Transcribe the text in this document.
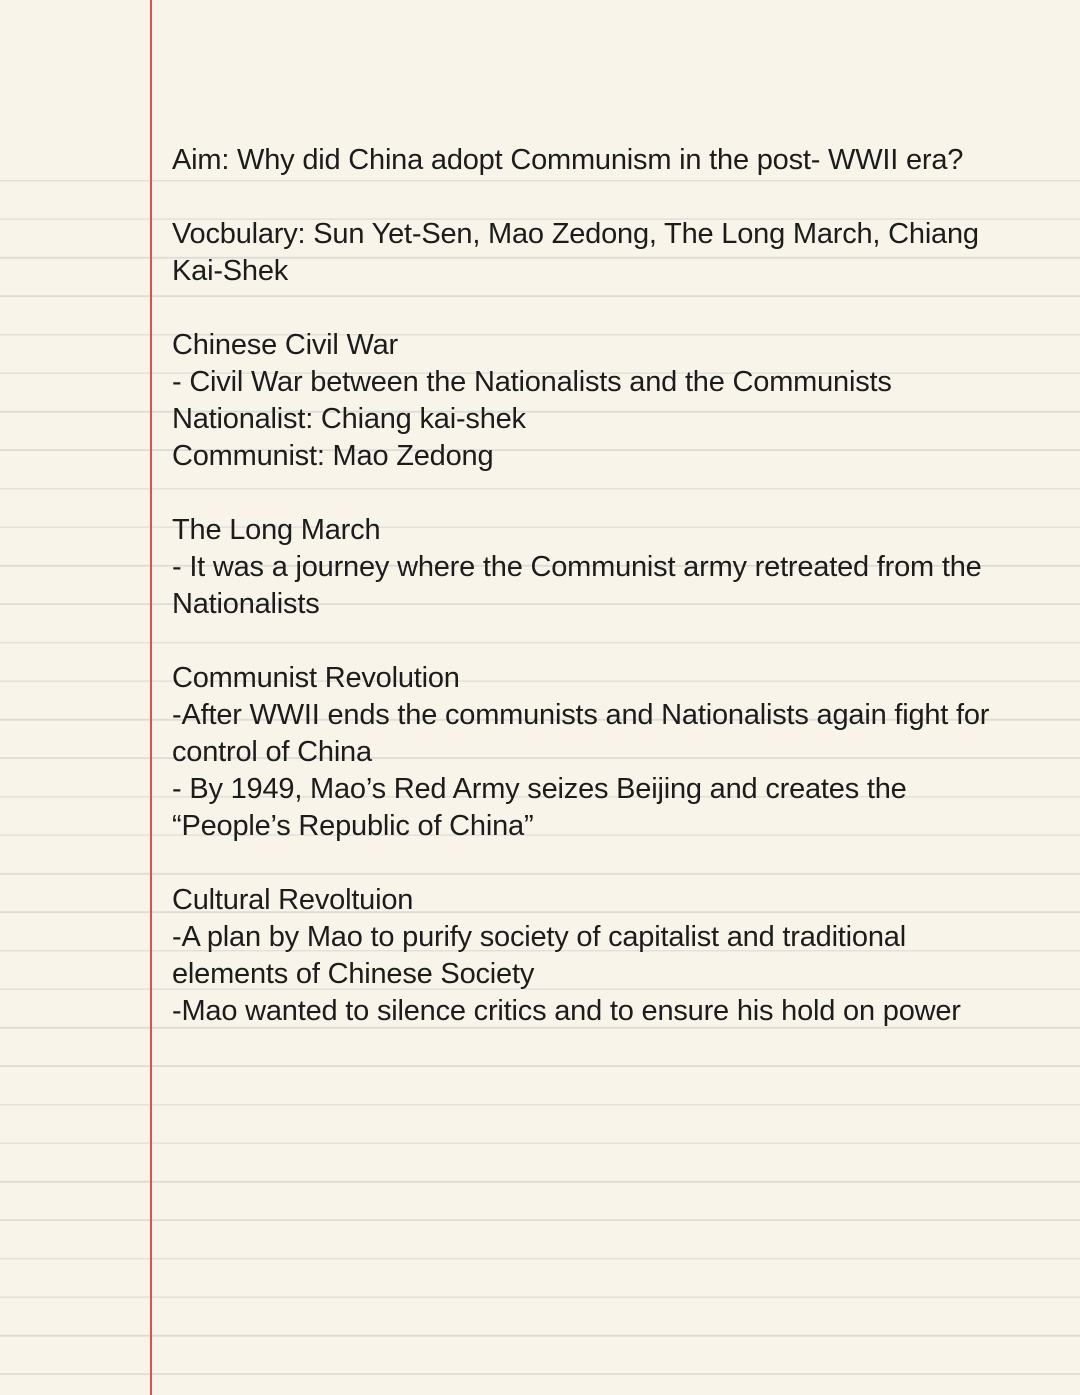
Aim: Why did China adopt Communism in the post- WWII era?
Vocbulary: Sun Yet-Sen, Mao Zedong, The Long March, Chiang
Kai-Shek
Chinese Civil War
- Civil War between the Nationalists and the Communists
Nationalist: Chiang kai-shek
Communist: Mao Zedong
The Long March
- It was a journey where the Communist army retreated from the
Nationalists
Communist Revolution
-After WWII ends the communists and Nationalists again fight for
control of China
- By 1949, Mao’s Red Army seizes Beijing and creates the
“People’s Republic of China”
Cultural Revoltuion
-A plan by Mao to purify society of capitalist and traditional
elements of Chinese Society
-Mao wanted to silence critics and to ensure his hold on power
